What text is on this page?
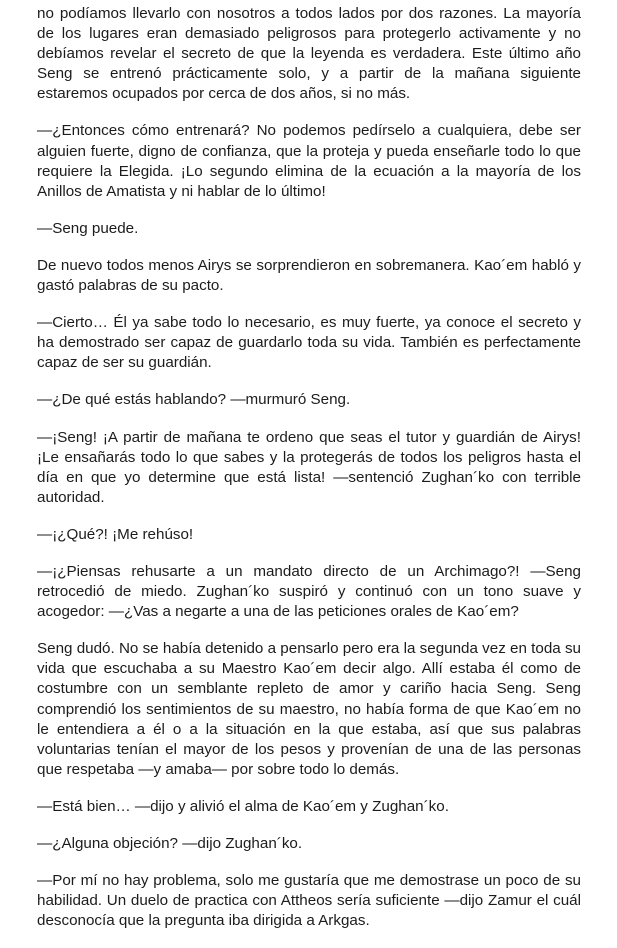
no podíamos llevarlo con nosotros a todos lados por dos razones. La mayoría de los lugares eran demasiado peligrosos para protegerlo activamente y no debíamos revelar el secreto de que la leyenda es verdadera. Este último año Seng se entrenó prácticamente solo, y a partir de la mañana siguiente estaremos ocupados por cerca de dos años, si no más.

—¿Entonces cómo entrenará? No podemos pedírselo a cualquiera, debe ser alguien fuerte, digno de confianza, que la proteja y pueda enseñarle todo lo que requiere la Elegida. ¡Lo segundo elimina de la ecuación a la mayoría de los Anillos de Amatista y ni hablar de lo último!

—Seng puede.

De nuevo todos menos Airys se sorprendieron en sobremanera. Kao´em habló y gastó palabras de su pacto.

—Cierto… Él ya sabe todo lo necesario, es muy fuerte, ya conoce el secreto y ha demostrado ser capaz de guardarlo toda su vida. También es perfectamente capaz de ser su guardián.

—¿De qué estás hablando? —murmuró Seng.

—¡Seng! ¡A partir de mañana te ordeno que seas el tutor y guardián de Airys! ¡Le ensañarás todo lo que sabes y la protegerás de todos los peligros hasta el día en que yo determine que está lista! —sentenció Zughan´ko con terrible autoridad.

—¡¿Qué?! ¡Me rehúso!

—¡¿Piensas rehusarte a un mandato directo de un Archimago?! —Seng retrocedió de miedo. Zughan´ko suspiró y continuó con un tono suave y acogedor: —¿Vas a negarte a una de las peticiones orales de Kao´em?

Seng dudó. No se había detenido a pensarlo pero era la segunda vez en toda su vida que escuchaba a su Maestro Kao´em decir algo. Allí estaba él como de costumbre con un semblante repleto de amor y cariño hacia Seng. Seng comprendió los sentimientos de su maestro, no había forma de que Kao´em no le entendiera a él o a la situación en la que estaba, así que sus palabras voluntarias tenían el mayor de los pesos y provenían de una de las personas que respetaba —y amaba— por sobre todo lo demás.

—Está bien… —dijo y alivió el alma de Kao´em y Zughan´ko.

—¿Alguna objeción? —dijo Zughan´ko.

—Por mí no hay problema, solo me gustaría que me demostrase un poco de su habilidad. Un duelo de practica con Attheos sería suficiente —dijo Zamur el cuál desconocía que la pregunta iba dirigida a Arkgas.
